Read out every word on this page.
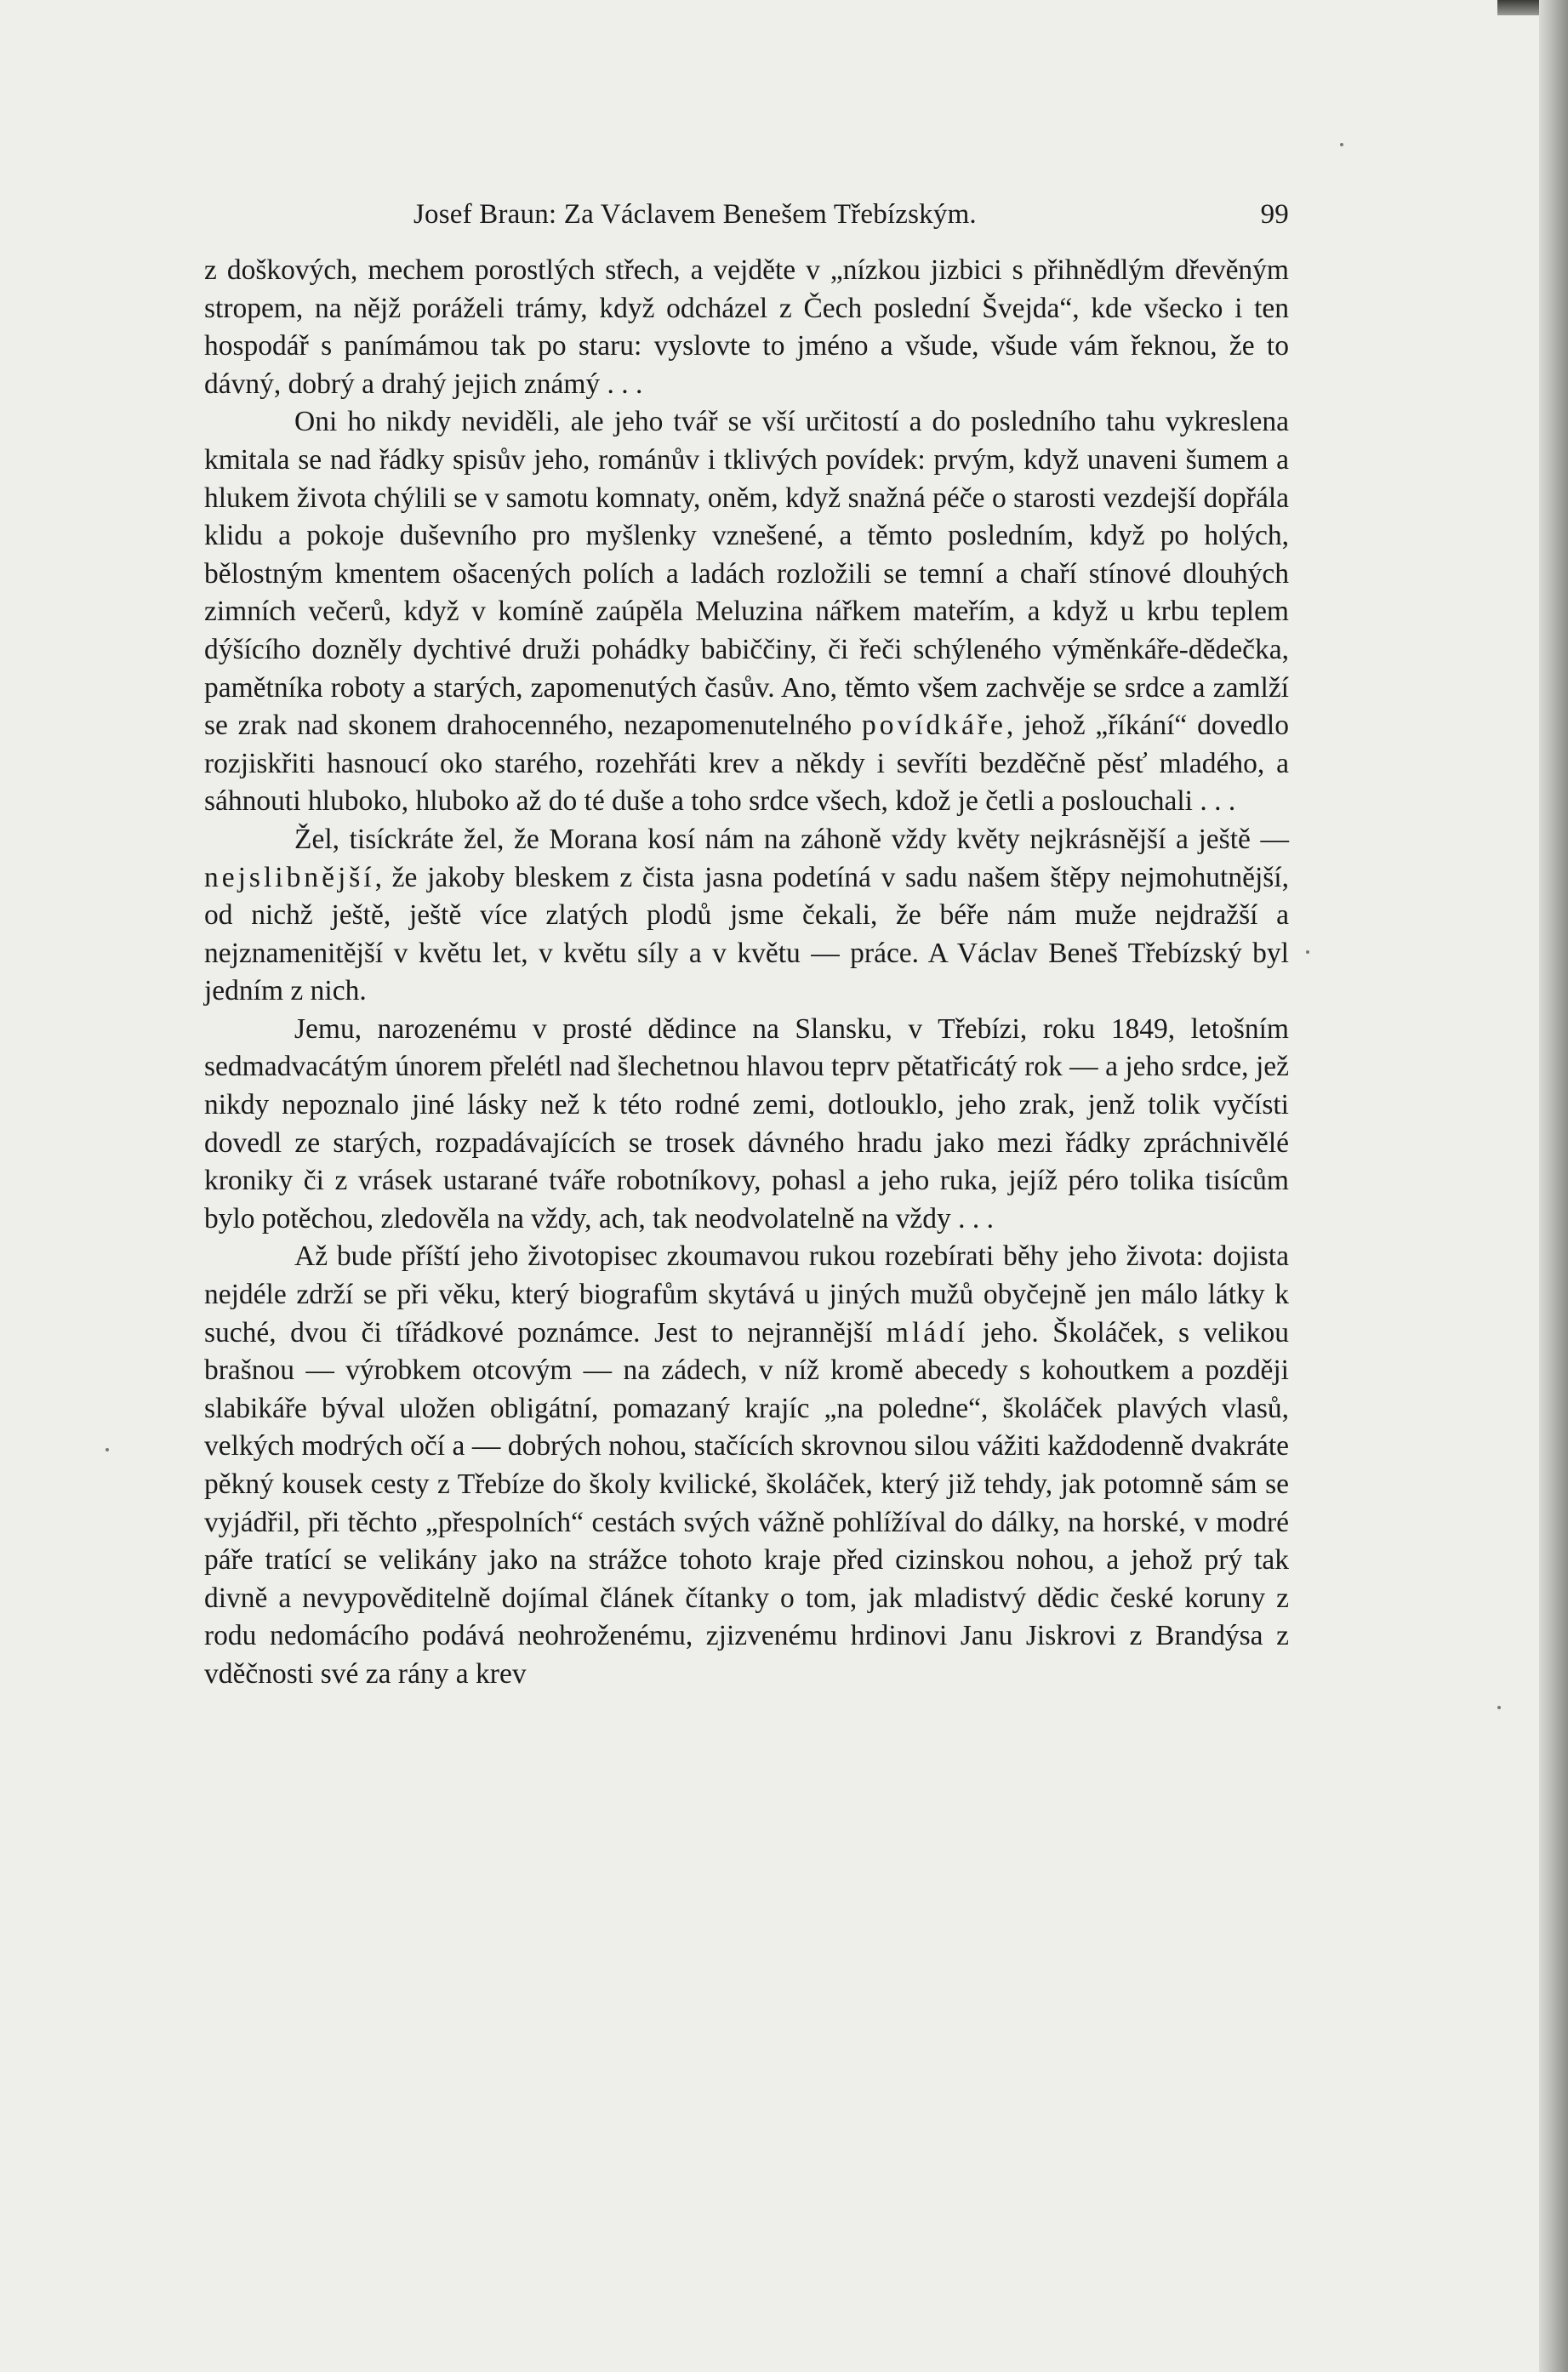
Josef Braun: Za Václavem Benešem Třebízským.	99

z doškových, mechem porostlých střech, a vejděte v „nízkou jizbici s přihnědlým dřevěným stropem, na nějž poráželi trámy, když odcházel z Čech poslední Švejda“, kde všecko i ten hospodář s panímámou tak po staru: vyslovte to jméno a všude, všude vám řeknou, že to dávný, dobrý a drahý jejich známý . . .

Oni ho nikdy neviděli, ale jeho tvář se vší určitostí a do posledního tahu vykreslena kmitala se nad řádky spisův jeho, románův i tklivých povídek: prvým, když unaveni šumem a hlukem života chýlili se v samotu komnaty, oněm, když snažná péče o starosti vezdejší dopřála klidu a pokoje duševního pro myšlenky vznešené, a těmto posledním, když po holých, bělostným kmentem ošacených polích a ladách rozložili se temní a chaří stínové dlouhých zimních večerů, když v komíně zaúpěla Meluzina nářkem mateřím, a když u krbu teplem dýšícího dozněly dychtivé druži pohádky babiččiny, či řeči schýleného výměnkáře-dědečka, pamětníka roboty a starých, zapomenutých časův. Ano, těmto všem zachvěje se srdce a zamlží se zrak nad skonem drahocenného, nezapomenutelného povídkáře, jehož „říkání“ dovedlo rozjiskřiti hasnoucí oko starého, rozehřáti krev a někdy i sevříti bezděčně pěsť mladého, a sáhnouti hluboko, hluboko až do té duše a toho srdce všech, kdož je četli a poslouchali . . .

Žel, tisíckráte žel, že Morana kosí nám na záhoně vždy květy nejkrásnější a ještě — nejslibnější, že jakoby bleskem z čista jasna podetíná v sadu našem štěpy nejmohutnější, od nichž ještě, ještě více zlatých plodů jsme čekali, že béře nám muže nejdražší a nejznamenitější v květu let, v květu síly a v květu — práce. A Václav Beneš Třebízský byl jedním z nich.

Jemu, narozenému v prosté dědince na Slansku, v Třebízi, roku 1849, letošním sedmadvacátým únorem přelétl nad šlechetnou hlavou teprv pětatřicátý rok — a jeho srdce, jež nikdy nepoznalo jiné lásky než k této rodné zemi, dotlouklo, jeho zrak, jenž tolik vyčísti dovedl ze starých, rozpadávajících se trosek dávného hradu jako mezi řádky zpráchnivělé kroniky či z vrásek ustarané tváře robotníkovy, pohasl a jeho ruka, jejíž péro tolika tisícům bylo potěchou, zledověla na vždy, ach, tak neodvolatelně na vždy . . .

Až bude příští jeho životopisec zkoumavou rukou rozebírati běhy jeho života: dojista nejdéle zdrží se při věku, který biografům skytává u jiných mužů obyčejně jen málo látky k suché, dvou či tířádkové poznámce. Jest to nejrannější mládí jeho. Školáček, s velikou brašnou — výrobkem otcovým — na zádech, v níž kromě abecedy s kohoutkem a později slabikáře býval uložen obligátní, pomazaný krajíc „na poledne“, školáček plavých vlasů, velkých modrých očí a — dobrých nohou, stačících skrovnou silou vážiti každodenně dvakráte pěkný kousek cesty z Třebíze do školy kvilické, školáček, který již tehdy, jak potomně sám se vyjádřil, při těchto „přespolních“ cestách svých vážně pohlížíval do dálky, na horské, v modré páře tratící se velikány jako na strážce tohoto kraje před cizinskou nohou, a jehož prý tak divně a nevypověditelně dojímal článek čítanky o tom, jak mladistvý dědic české koruny z rodu nedomácího podává neohroženému, zjizvenému hrdinovi Janu Jiskrovi z Brandýsa z vděčnosti své za rány a krev
